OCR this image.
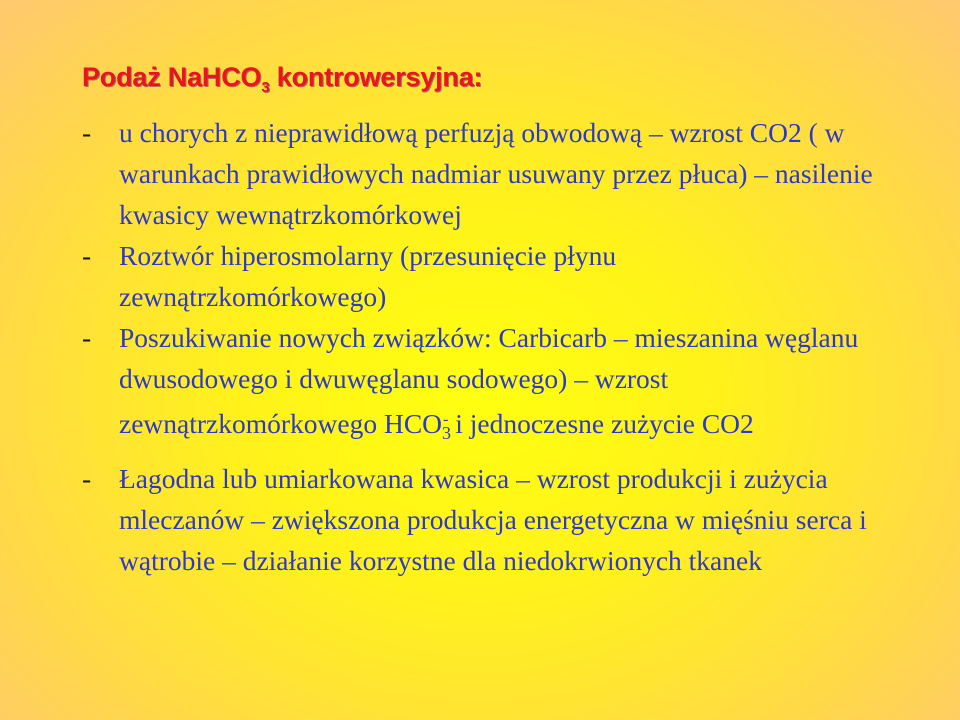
Podaż NaHCO$_3$ kontrowersyjna:
- u chorych z nieprawidłową perfuzją obwodową – wzrost CO2 ( w warunkach prawidłowych nadmiar usuwany przez płuca) – nasilenie kwasicy wewnątrzkomórkowej
- Roztwór hiperosmolarny (przesunięcie płynu zewnątrzkomórkowego)
- Poszukiwanie nowych związków: Carbicarb – mieszanina węglanu dwusodowego i dwuwęglanu sodowego) – wzrost zewnątrzkomórkowego $HCO_3^-$ i jednoczesne zużycie CO2
- Łagodna lub umiarkowana kwasica – wzrost produkcji i zużycia mleczanów – zwiększona produkcja energetyczna w mięśniu serca i wątrobie – działanie korzystne dla niedokrwionych tkanek
